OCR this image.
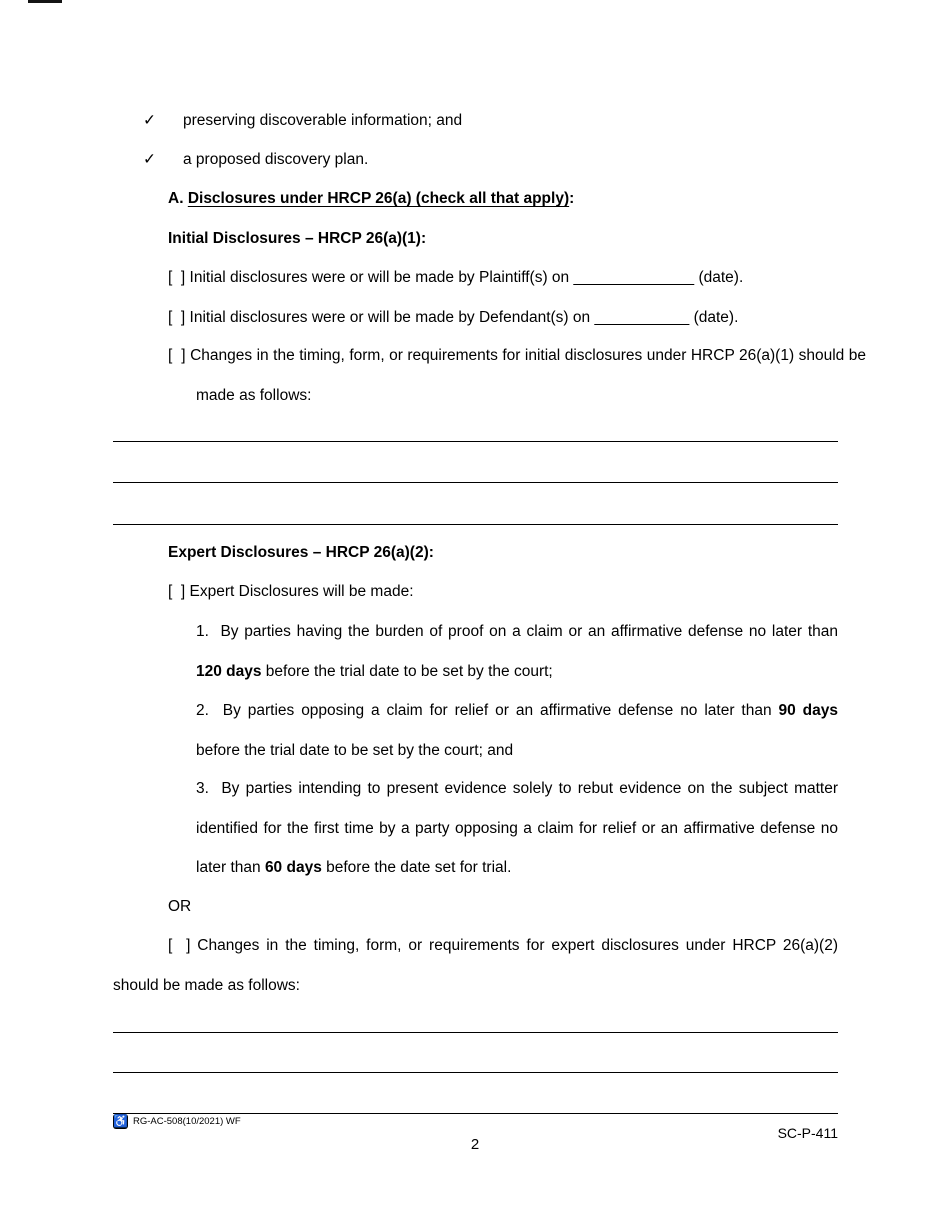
✓ preserving discoverable information; and
✓ a proposed discovery plan.
A. Disclosures under HRCP 26(a) (check all that apply):
Initial Disclosures – HRCP 26(a)(1):
[  ] Initial disclosures were or will be made by Plaintiff(s) on ______________ (date).
[  ] Initial disclosures were or will be made by Defendant(s) on ___________ (date).
[  ] Changes in the timing, form, or requirements for initial disclosures under HRCP 26(a)(1) should be made as follows:
Expert Disclosures – HRCP 26(a)(2):
[  ] Expert Disclosures will be made:
1.  By parties having the burden of proof on a claim or an affirmative defense no later than 120 days before the trial date to be set by the court;
2.  By parties opposing a claim for relief or an affirmative defense no later than 90 days before the trial date to be set by the court; and
3.  By parties intending to present evidence solely to rebut evidence on the subject matter identified for the first time by a party opposing a claim for relief or an affirmative defense no later than 60 days before the date set for trial.
OR
[  ] Changes in the timing, form, or requirements for expert disclosures under HRCP 26(a)(2) should be made as follows:
♿ RG-AC-508(10/2021) WF
SC-P-411
2
